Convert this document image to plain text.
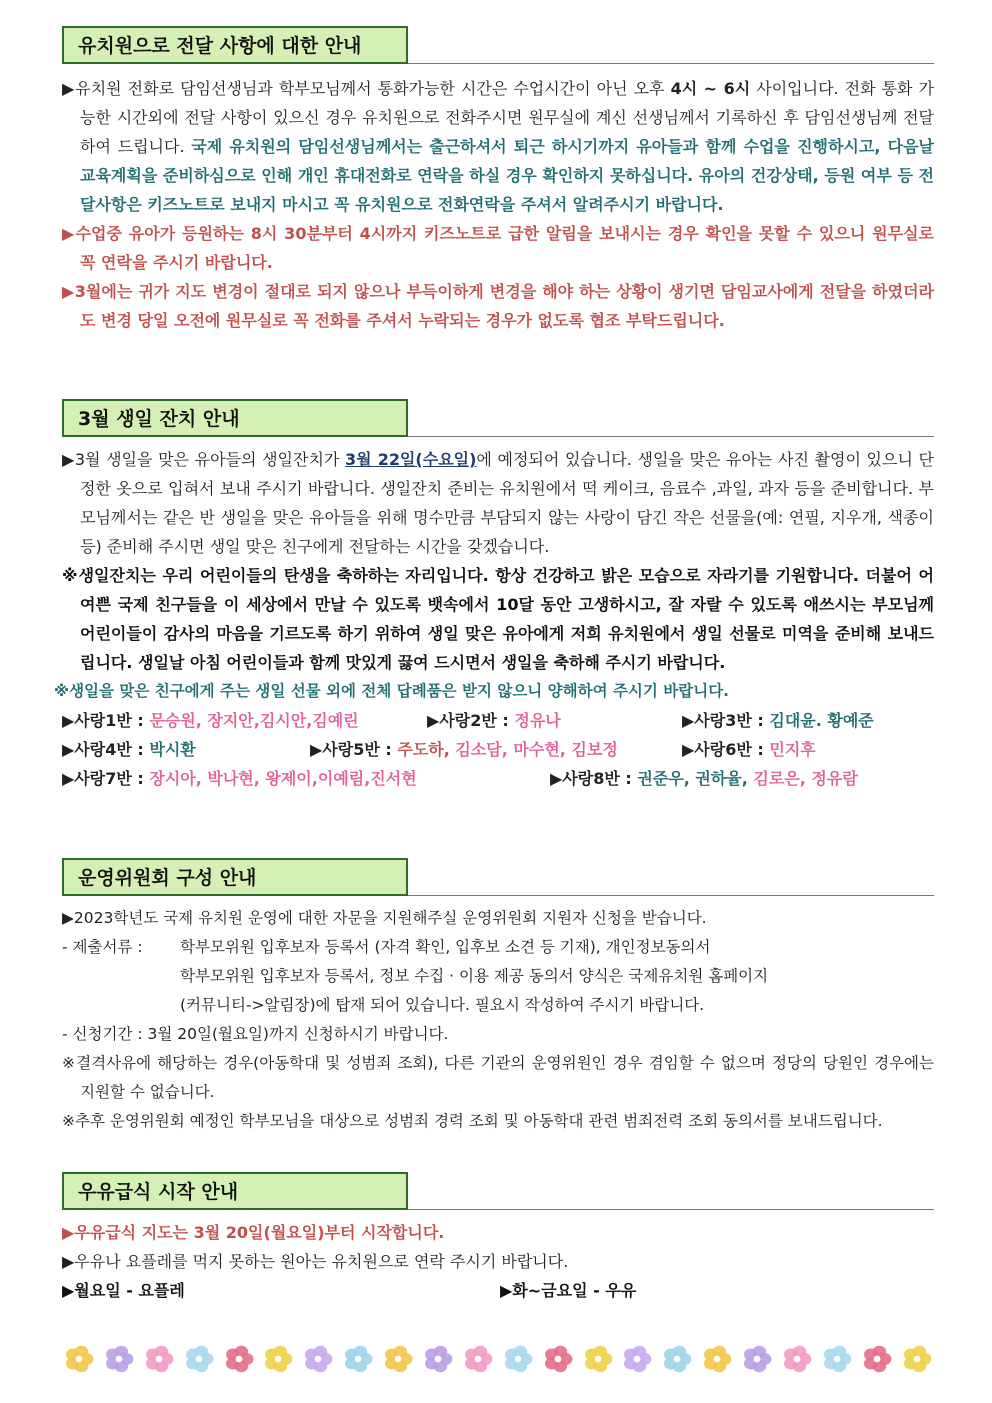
유치원으로 전달 사항에 대한 안내

▶유치원 전화로 담임선생님과 학부모님께서 통화가능한 시간은 수업시간이 아닌 오후 4시 ~ 6시 사이입니다. 전화 통화 가능한 시간외에 전달 사항이 있으신 경우 유치원으로 전화주시면 원무실에 계신 선생님께서 기록하신 후 담임선생님께 전달하여 드립니다. 국제 유치원의 담임선생님께서는 출근하셔서 퇴근 하시기까지 유아들과 함께 수업을 진행하시고, 다음날 교육계획을 준비하심으로 인해 개인 휴대전화로 연락을 하실 경우 확인하지 못하십니다. 유아의 건강상태, 등원 여부 등 전달사항은 키즈노트로 보내지 마시고 꼭 유치원으로 전화연락을 주셔서 알려주시기 바랍니다.

▶수업중 유아가 등원하는 8시 30분부터 4시까지 키즈노트로 급한 알림을 보내시는 경우 확인을 못할 수 있으니 원무실로 꼭 연락을 주시기 바랍니다.

▶3월에는 귀가 지도 변경이 절대로 되지 않으나 부득이하게 변경을 해야 하는 상황이 생기면 담임교사에게 전달을 하였더라도 변경 당일 오전에 원무실로 꼭 전화를 주셔서 누락되는 경우가 없도록 협조 부탁드립니다.

3월 생일 잔치 안내

▶3월 생일을 맞은 유아들의 생일잔치가 3월 22일(수요일)에 예정되어 있습니다. 생일을 맞은 유아는 사진 촬영이 있으니 단정한 옷으로 입혀서 보내 주시기 바랍니다. 생일잔치 준비는 유치원에서 떡 케이크, 음료수 ,과일, 과자 등을 준비합니다. 부모님께서는 같은 반 생일을 맞은 유아들을 위해 명수만큼 부담되지 않는 사랑이 담긴 작은 선물을(예: 연필, 지우개, 색종이 등) 준비해 주시면 생일 맞은 친구에게 전달하는 시간을 갖겠습니다.

※생일잔치는 우리 어린이들의 탄생을 축하하는 자리입니다. 항상 건강하고 밝은 모습으로 자라기를 기원합니다. 더불어 어여쁜 국제 친구들을 이 세상에서 만날 수 있도록 뱃속에서 10달 동안 고생하시고, 잘 자랄 수 있도록 애쓰시는 부모님께 어린이들이 감사의 마음을 기르도록 하기 위하여 생일 맞은 유아에게 저희 유치원에서 생일 선물로 미역을 준비해 보내드립니다. 생일날 아침 어린이들과 함께 맛있게 끓여 드시면서 생일을 축하해 주시기 바랍니다.

※생일을 맞은 친구에게 주는 생일 선물 외에 전체 답례품은 받지 않으니 양해하여 주시기 바랍니다.

▶사랑1반 : 문승원, 장지안,김시안,김예린	▶사랑2반 : 정유나	▶사랑3반 : 김대윤. 황예준
▶사랑4반 : 박시환	▶사랑5반 : 주도하, 김소담, 마수현, 김보정	▶사랑6반 : 민지후
▶사랑7반 : 장시아, 박나현, 왕제이,이예림,진서현	▶사랑8반 : 권준우, 권하율, 김로은, 정유람
운영위원회 구성 안내

▶2023학년도 국제 유치원 운영에 대한 자문을 지원해주실 운영위원회 지원자 신청을 받습니다.

- 제출서류 :	학부모위원 입후보자 등록서 (자격 확인, 입후보 소견 등 기재), 개인정보동의서
학부모위원 입후보자 등록서, 정보 수집 · 이용 제공 동의서 양식은 국제유치원 홈페이지
(커뮤니티->알림장)에 탑재 되어 있습니다. 필요시 작성하여 주시기 바랍니다.

- 신청기간 : 3월 20일(월요일)까지 신청하시기 바랍니다.

※결격사유에 해당하는 경우(아동학대 및 성범죄 조회), 다른 기관의 운영위원인 경우 겸임할 수 없으며 정당의 당원인 경우에는 지원할 수 없습니다.

※추후 운영위원회 예정인 학부모님을 대상으로 성범죄 경력 조회 및 아동학대 관련 범죄전력 조회 동의서를 보내드립니다.

우유급식 시작 안내

▶우유급식 지도는 3월 20일(월요일)부터 시작합니다.

▶우유나 요플레를 먹지 못하는 원아는 유치원으로 연락 주시기 바랍니다.

▶월요일 - 요플레	▶화~금요일 - 우유
